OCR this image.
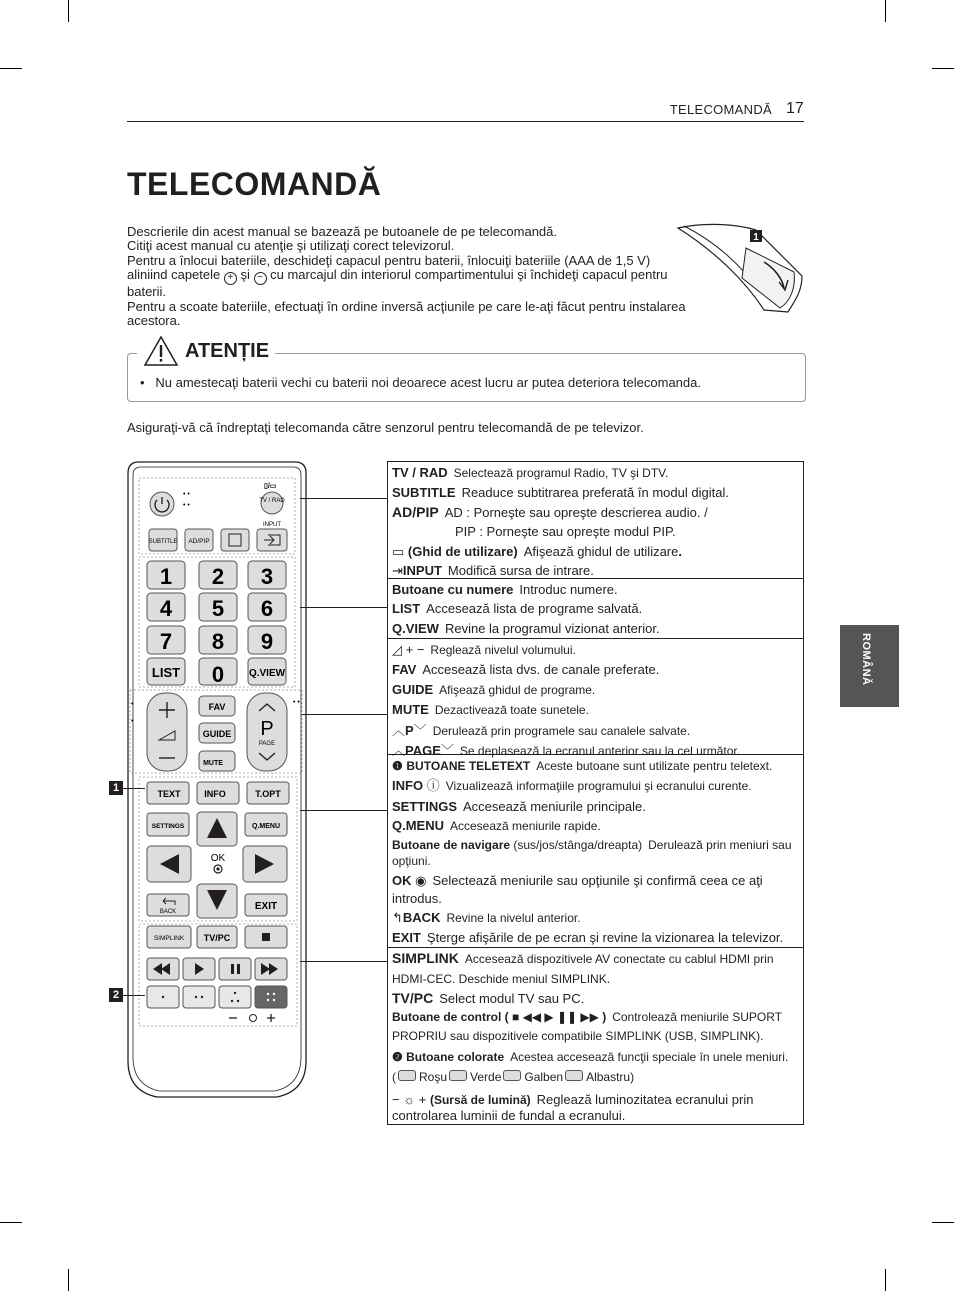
TELECOMANDĂ 17
ROMÂNĂ
TELECOMANDĂ

Descrierile din acest manual se bazează pe butoanele de pe telecomandă.

Citiţi acest manual cu atenţie şi utilizaţi corect televizorul.

Pentru a înlocui bateriile, deschideţi capacul pentru baterii, înlocuiţi bateriile (AAA de 1,5 V) aliniind capetele + şi − cu marcajul din interiorul compartimentului şi închideţi capacul pentru baterii.

Pentru a scoate bateriile, efectuaţi în ordine inversă acţiunile pe care le-aţi făcut pentru instalarea acestora.

1
ATENȚIE
•   Nu amestecaţi baterii vechi cu baterii noi deoarece acest lucru ar putea deteriora telecomanda.
Asiguraţi-vă că îndreptaţi telecomanda către senzorul pentru telecomandă de pe televizor.
• •
• •
▯/▭
TV / RAD
INPUT
SUBTITLE AD/PIP
1 2 3
4 5 6
7 8 9
LIST 0 Q.VIEW
•
•
• •
FAV
GUIDE
MUTE
P
PAGE
TEXT	INFO	T.OPT
SETTINGS	Q.MENU
OK
BACK	EXIT
SIMPLINK TV/PC
1
2
TV / RAD Selectează programul Radio, TV şi DTV.
SUBTITLE Readuce subtitrarea preferată în modul digital.
AD/PIP AD : Porneşte sau opreşte descrierea audio. /
PIP : Porneşte sau opreşte modul PIP.
▭ (Ghid de utilizare) Afişează ghidul de utilizare.
⇥INPUT Modifică sursa de intrare.
Butoane cu numere Introduc numere.
LIST Accesează lista de programe salvată.
Q.VIEW Revine la programul vizionat anterior.
◿ + − Reglează nivelul volumului.
FAV Accesează lista dvs. de canale preferate.
GUIDE Afişează ghidul de programe.
MUTE Dezactivează toate sunetele.
︿P﹀ Derulează prin programele sau canalele salvate.
︿PAGE﹀ Se deplasează la ecranul anterior sau la cel următor.
❶ BUTOANE TELETEXT Aceste butoane sunt utilizate pentru teletext.
INFO ⓘ Vizualizează informaţiile programului şi ecranului curente.
SETTINGS Accesează meniurile principale.
Q.MENU Accesează meniurile rapide.
Butoane de navigare (sus/jos/stânga/dreapta) Derulează prin meniuri sau opţiuni.
OK ◉ Selectează meniurile sau opţiunile şi confirmă ceea ce aţi introdus.
↰BACK Revine la nivelul anterior.
EXIT Şterge afişările de pe ecran şi revine la vizionarea la televizor.
SIMPLINK Accesează dispozitivele AV conectate cu cablul HDMI prin HDMI-CEC. Deschide meniul SIMPLINK.
TV/PC Select modul TV sau PC.
Butoane de control ( ■ ◀◀ ▶ ❚❚ ▶▶ ) Controlează meniurile SUPORT PROPRIU sau dispozitivele compatibile SIMPLINK (USB, SIMPLINK).
❷ Butoane colorate Acestea accesează funcţii speciale în unele meniuri.
( Roşu Verde Galben Albastru)
− ☼ + (Sursă de lumină) Reglează luminozitatea ecranului prin controlarea luminii de fundal a ecranului.
